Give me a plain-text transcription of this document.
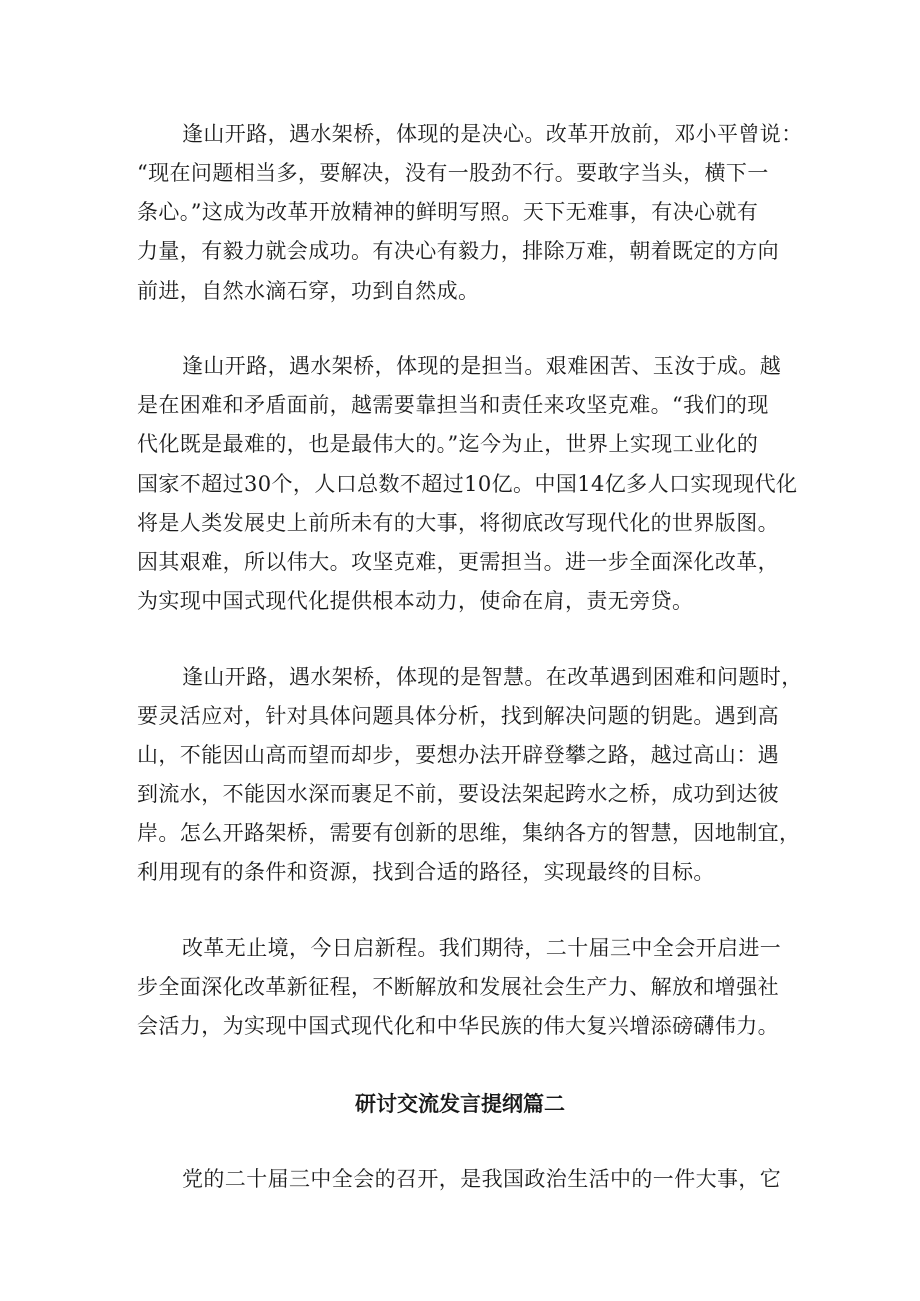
逢山开路，遇水架桥，体现的是决心。改革开放前，邓小平曾说：
“现在问题相当多，要解决，没有一股劲不行。要敢字当头，横下一
条心。”这成为改革开放精神的鲜明写照。天下无难事，有决心就有
力量，有毅力就会成功。有决心有毅力，排除万难，朝着既定的方向
前进，自然水滴石穿，功到自然成。
逢山开路，遇水架桥，体现的是担当。艰难困苦、玉汝于成。越
是在困难和矛盾面前，越需要靠担当和责任来攻坚克难。“我们的现
代化既是最难的，也是最伟大的。”迄今为止，世界上实现工业化的
国家不超过30个，人口总数不超过10亿。中国14亿多人口实现现代化
将是人类发展史上前所未有的大事，将彻底改写现代化的世界版图。
因其艰难，所以伟大。攻坚克难，更需担当。进一步全面深化改革，
为实现中国式现代化提供根本动力，使命在肩，责无旁贷。
逢山开路，遇水架桥，体现的是智慧。在改革遇到困难和问题时，
要灵活应对，针对具体问题具体分析，找到解决问题的钥匙。遇到高
山，不能因山高而望而却步，要想办法开辟登攀之路，越过高山：遇
到流水，不能因水深而裹足不前，要设法架起跨水之桥，成功到达彼
岸。怎么开路架桥，需要有创新的思维，集纳各方的智慧，因地制宜，
利用现有的条件和资源，找到合适的路径，实现最终的目标。
改革无止境，今日启新程。我们期待，二十届三中全会开启进一
步全面深化改革新征程，不断解放和发展社会生产力、解放和增强社
会活力，为实现中国式现代化和中华民族的伟大复兴增添磅礴伟力。
研讨交流发言提纲篇二
党的二十届三中全会的召开，是我国政治生活中的一件大事，它
